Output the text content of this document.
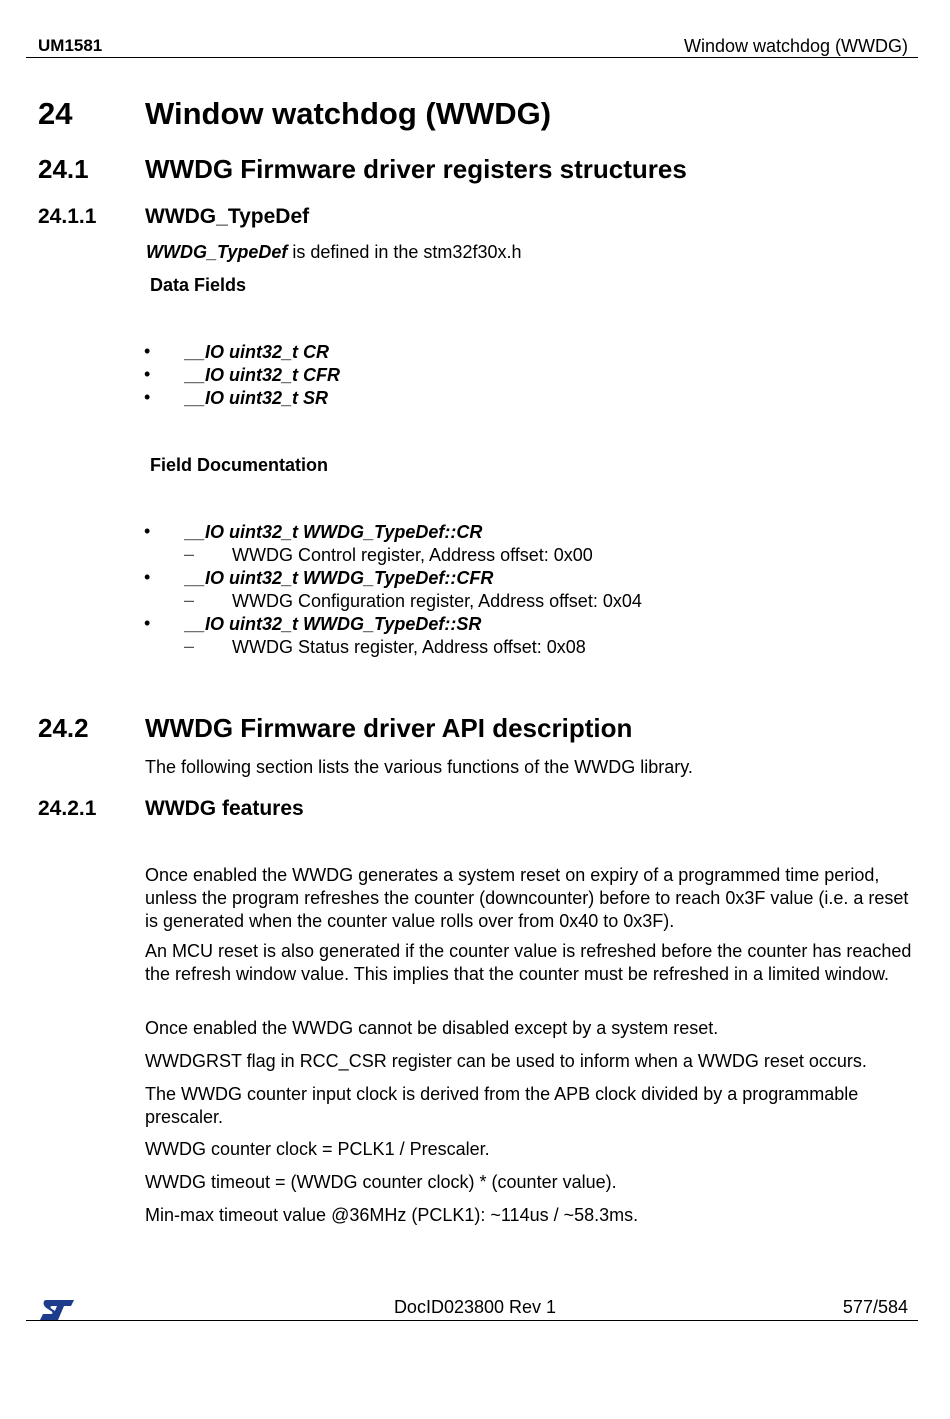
UM1581	Window watchdog (WWDG)
24 Window watchdog (WWDG)
24.1 WWDG Firmware driver registers structures
24.1.1 WWDG_TypeDef
WWDG_TypeDef is defined in the stm32f30x.h
Data Fields
• __IO uint32_t CR
• __IO uint32_t CFR
• __IO uint32_t SR
Field Documentation
• __IO uint32_t WWDG_TypeDef::CR
– WWDG Control register, Address offset: 0x00
• __IO uint32_t WWDG_TypeDef::CFR
– WWDG Configuration register, Address offset: 0x04
• __IO uint32_t WWDG_TypeDef::SR
– WWDG Status register, Address offset: 0x08
24.2 WWDG Firmware driver API description
The following section lists the various functions of the WWDG library.
24.2.1 WWDG features
Once enabled the WWDG generates a system reset on expiry of a programmed time period, unless the program refreshes the counter (downcounter) before to reach 0x3F value (i.e. a reset is generated when the counter value rolls over from 0x40 to 0x3F).
An MCU reset is also generated if the counter value is refreshed before the counter has reached the refresh window value. This implies that the counter must be refreshed in a limited window.
Once enabled the WWDG cannot be disabled except by a system reset.
WWDGRST flag in RCC_CSR register can be used to inform when a WWDG reset occurs.
The WWDG counter input clock is derived from the APB clock divided by a programmable prescaler.
WWDG counter clock = PCLK1 / Prescaler.
WWDG timeout = (WWDG counter clock) * (counter value).
Min-max timeout value @36MHz (PCLK1): ~114us / ~58.3ms.
DocID023800 Rev 1	577/584
